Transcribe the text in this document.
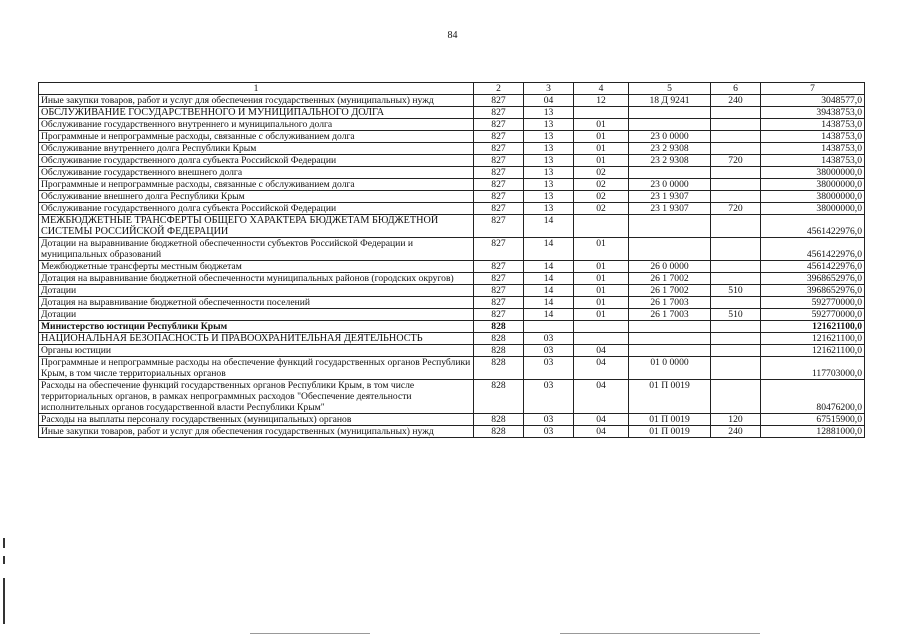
84
1	2	3	4	5	6	7
Иные закупки товаров, работ и услуг для обеспечения государственных (муниципальных) нужд	827	04	12	18 Д 9241	240	3048577,0
ОБСЛУЖИВАНИЕ ГОСУДАРСТВЕННОГО И МУНИЦИПАЛЬНОГО ДОЛГА	827	13				39438753,0
Обслуживание государственного внутреннего и муниципального долга	827	13	01			1438753,0
Программные и непрограммные расходы, связанные с обслуживанием долга	827	13	01	23 0 0000		1438753,0
Обслуживание внутреннего долга Республики Крым	827	13	01	23 2 9308		1438753,0
Обслуживание государственного долга субъекта Российской Федерации	827	13	01	23 2 9308	720	1438753,0
Обслуживание государственного внешнего долга	827	13	02			38000000,0
Программные и непрограммные расходы, связанные с обслуживанием долга	827	13	02	23 0 0000		38000000,0
Обслуживание внешнего долга Республики Крым	827	13	02	23 1 9307		38000000,0
Обслуживание государственного долга субъекта Российской Федерации	827	13	02	23 1 9307	720	38000000,0
МЕЖБЮДЖЕТНЫЕ ТРАНСФЕРТЫ ОБЩЕГО ХАРАКТЕРА БЮДЖЕТАМ БЮДЖЕТНОЙ СИСТЕМЫ РОССИЙСКОЙ ФЕДЕРАЦИИ	827	14				4561422976,0
Дотации на выравнивание бюджетной обеспеченности субъектов Российской Федерации и муниципальных образований	827	14	01			4561422976,0
Межбюджетные трансферты местным бюджетам	827	14	01	26 0 0000		4561422976,0
Дотация на выравнивание бюджетной обеспеченности муниципальных районов (городских округов)	827	14	01	26 1 7002		3968652976,0
Дотации	827	14	01	26 1 7002	510	3968652976,0
Дотация на выравнивание бюджетной обеспеченности поселений	827	14	01	26 1 7003		592770000,0
Дотации	827	14	01	26 1 7003	510	592770000,0
Министерство юстиции Республики Крым	828					121621100,0
НАЦИОНАЛЬНАЯ БЕЗОПАСНОСТЬ И ПРАВООХРАНИТЕЛЬНАЯ ДЕЯТЕЛЬНОСТЬ	828	03				121621100,0
Органы юстиции	828	03	04			121621100,0
Программные и непрограммные расходы на обеспечение функций государственных органов Республики Крым, в том числе территориальных органов	828	03	04	01 0 0000		117703000,0
Расходы на обеспечение функций государственных органов Республики Крым, в том числе территориальных органов, в рамках непрограммных расходов "Обеспечение деятельности исполнительных органов государственной власти Республики Крым"	828	03	04	01 П 0019		80476200,0
Расходы на выплаты персоналу государственных (муниципальных) органов	828	03	04	01 П 0019	120	67515900,0
Иные закупки товаров, работ и услуг для обеспечения государственных (муниципальных) нужд	828	03	04	01 П 0019	240	12881000,0
